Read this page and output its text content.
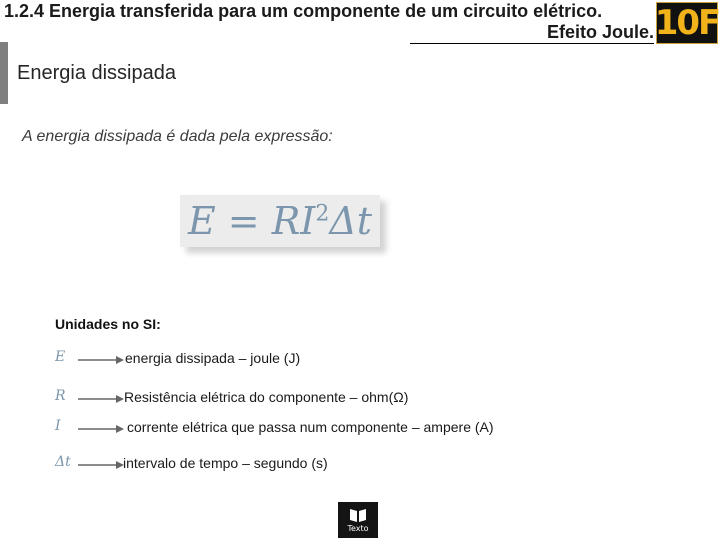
1.2.4 Energia transferida para um componente de um circuito elétrico.
Efeito Joule. 10F
Energia dissipada
A energia dissipada é dada pela expressão:
$E = RI^2\Delta t$
Unidades no SI:
E	energia dissipada – joule (J)
R	Resistência elétrica do componente – ohm(Ω)
I	corrente elétrica que passa num componente – ampere (A)
Δt	intervalo de tempo – segundo (s)
Texto
